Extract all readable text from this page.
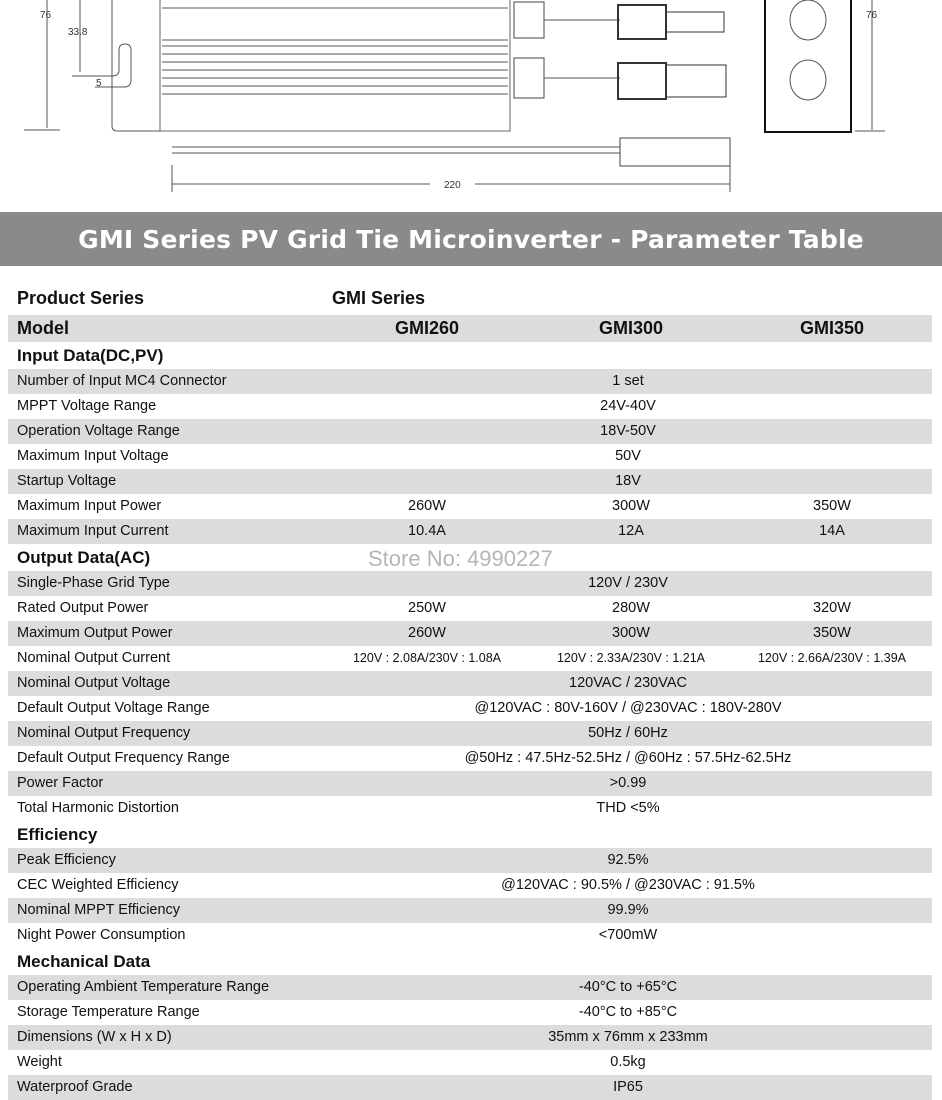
76
33.8
5
76
220
GMI Series PV Grid Tie Microinverter - Parameter Table
Product Series	GMI Series
Model	GMI260	GMI300	GMI350
Input Data(DC,PV)
Number of Input MC4 Connector	1 set
MPPT Voltage Range	24V-40V
Operation Voltage Range	18V-50V
Maximum Input Voltage	50V
Startup Voltage	18V
Maximum Input Power	260W	300W	350W
Maximum Input Current	10.4A	12A	14A
Output Data(AC)
Single-Phase Grid Type	120V / 230V
Rated Output Power	250W	280W	320W
Maximum Output Power	260W	300W	350W
Nominal Output Current	120V : 2.08A/230V : 1.08A	120V : 2.33A/230V : 1.21A	120V : 2.66A/230V : 1.39A
Nominal Output Voltage	120VAC / 230VAC
Default Output Voltage Range	@120VAC : 80V-160V / @230VAC : 180V-280V
Nominal Output Frequency	50Hz / 60Hz
Default Output Frequency Range	@50Hz : 47.5Hz-52.5Hz / @60Hz : 57.5Hz-62.5Hz
Power Factor	>0.99
Total Harmonic Distortion	THD <5%
Efficiency
Peak Efficiency	92.5%
CEC Weighted Efficiency	@120VAC : 90.5% / @230VAC : 91.5%
Nominal MPPT Efficiency	99.9%
Night Power Consumption	<700mW
Mechanical Data
Operating Ambient Temperature Range	-40°C to +65°C
Storage Temperature Range	-40°C to +85°C
Dimensions (W x H x D)	35mm x 76mm x 233mm
Weight	0.5kg
Waterproof Grade	IP65
Store No: 4990227
